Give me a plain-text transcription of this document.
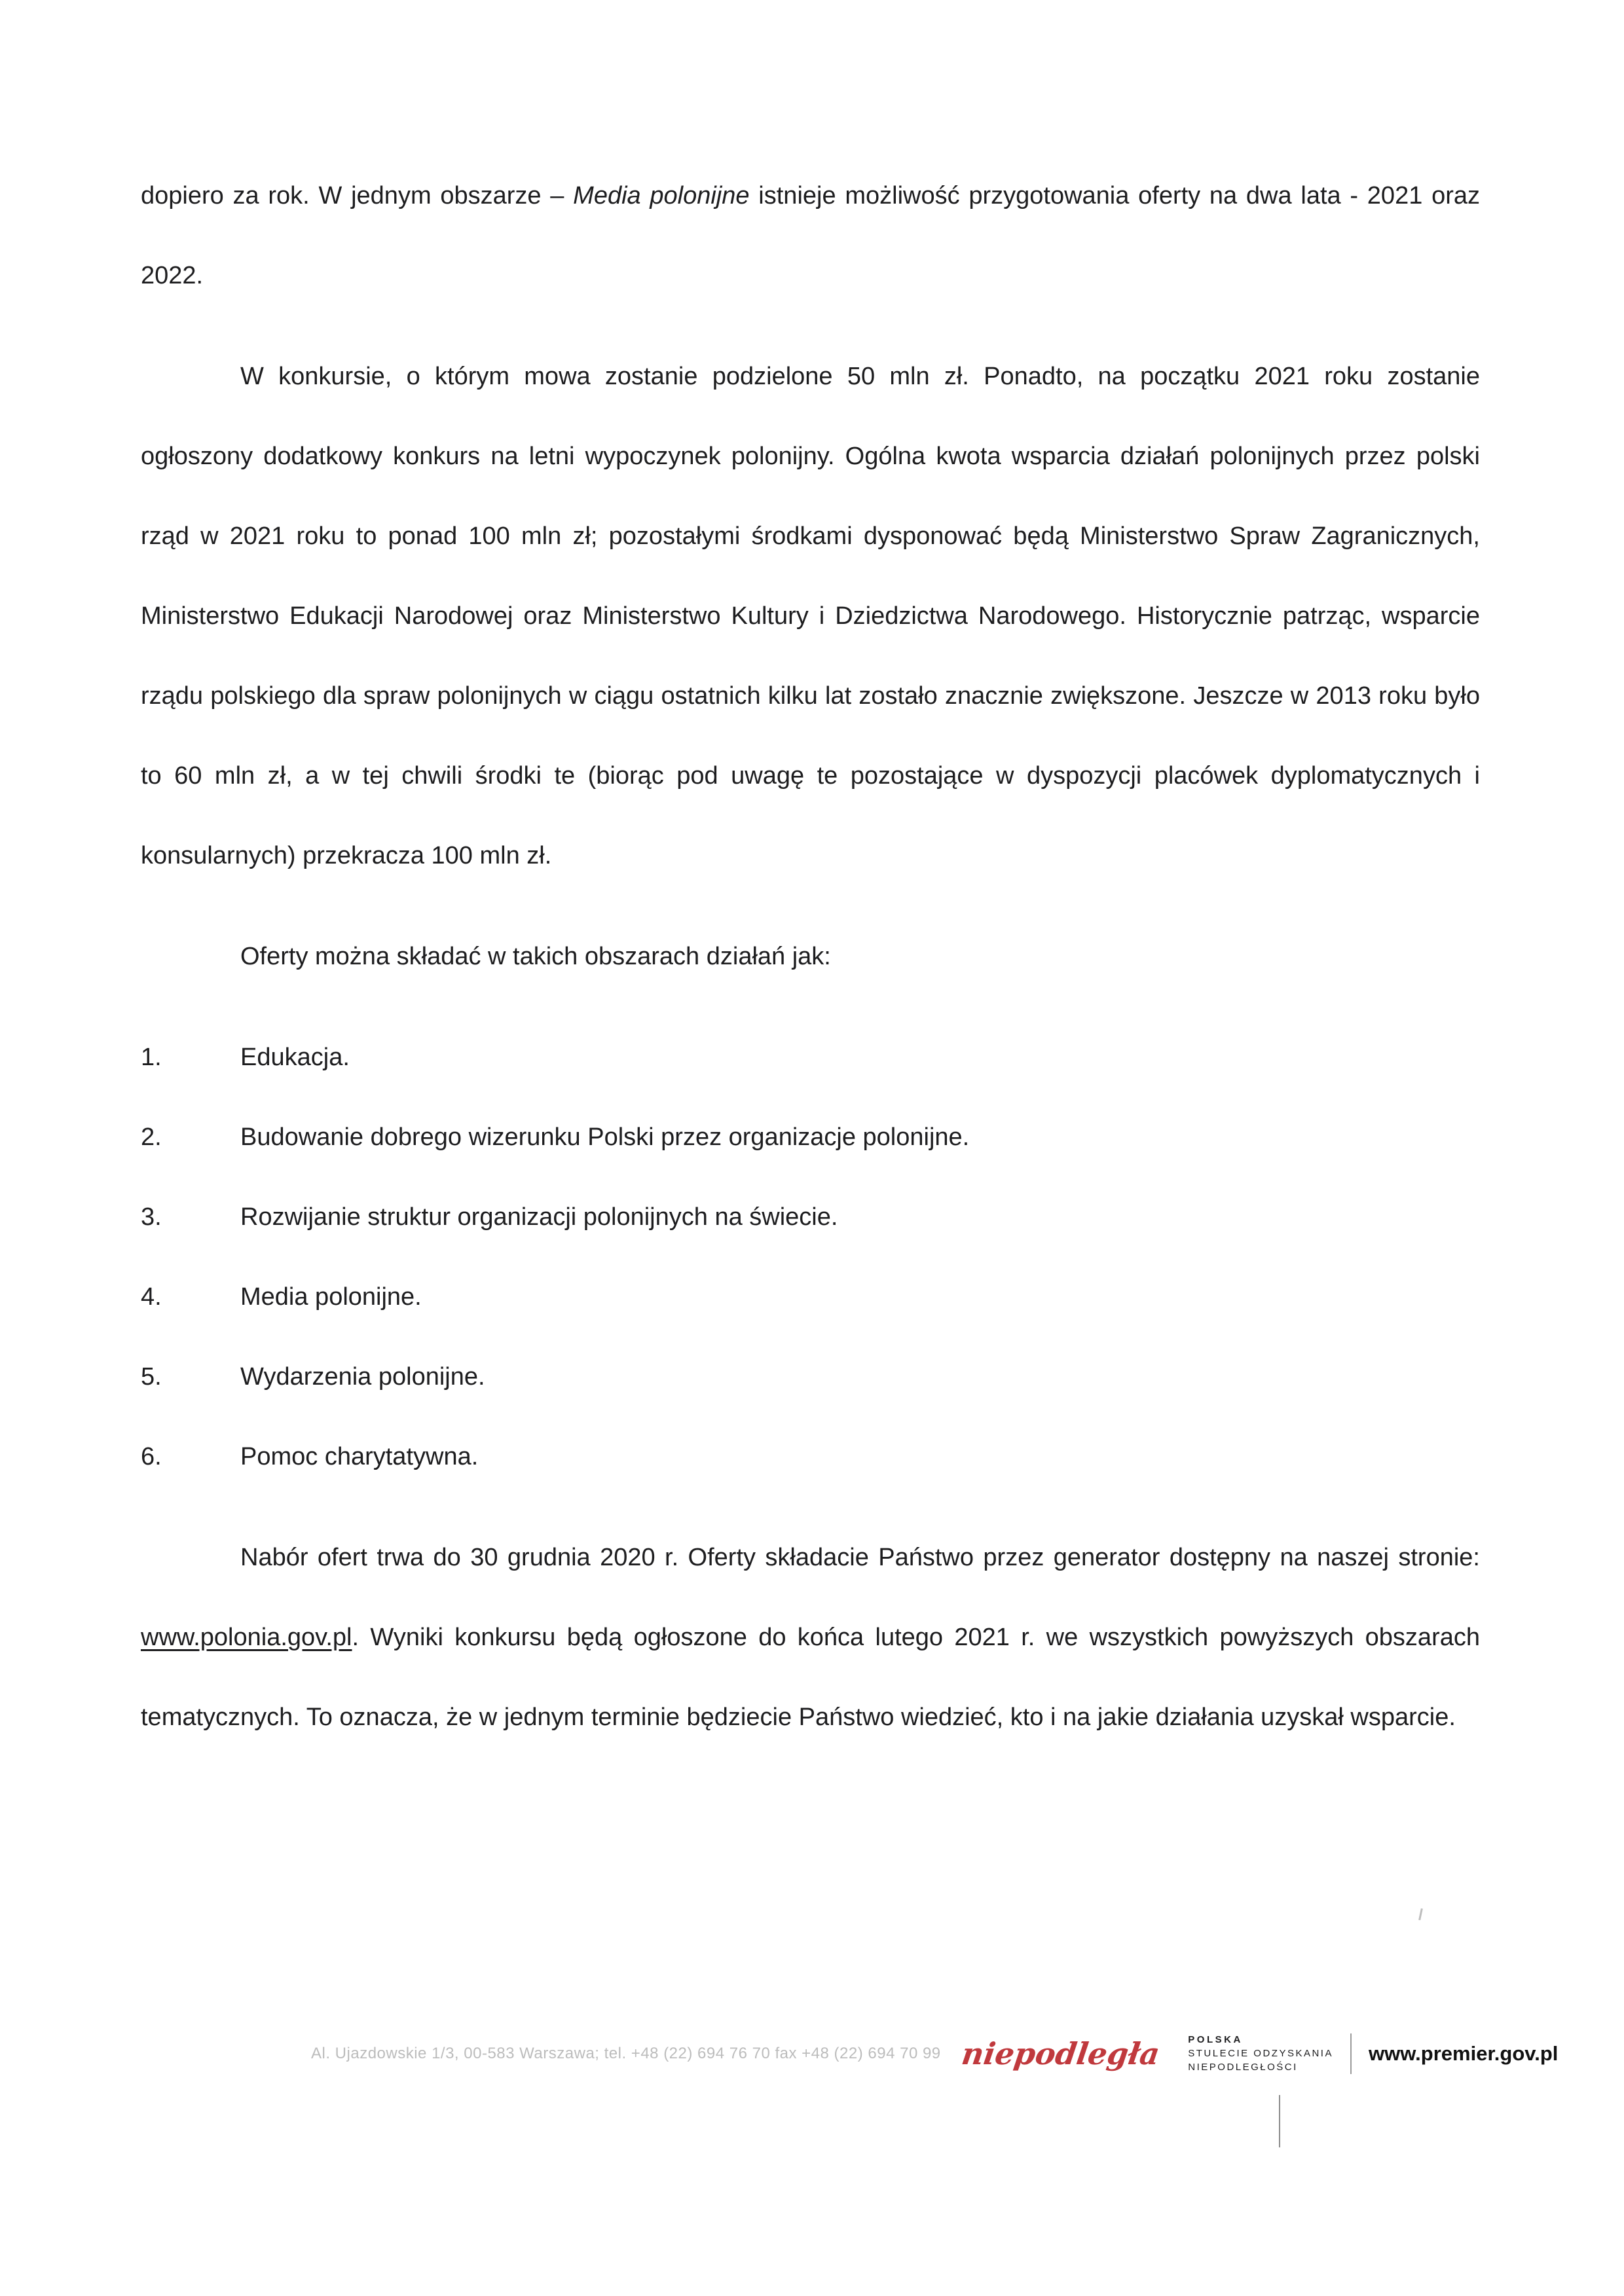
dopiero za rok. W jednym obszarze – Media polonijne istnieje możliwość przygotowania oferty na dwa lata - 2021 oraz 2022.

W konkursie, o którym mowa zostanie podzielone 50 mln zł. Ponadto, na początku 2021 roku zostanie ogłoszony dodatkowy konkurs na letni wypoczynek polonijny. Ogólna kwota wsparcia działań polonijnych przez polski rząd w 2021 roku to ponad 100 mln zł; pozostałymi środkami dysponować będą Ministerstwo Spraw Zagranicznych, Ministerstwo Edukacji Narodowej oraz Ministerstwo Kultury i Dziedzictwa Narodowego. Historycznie patrząc, wsparcie rządu polskiego dla spraw polonijnych w ciągu ostatnich kilku lat zostało znacznie zwiększone. Jeszcze w 2013 roku było to 60 mln zł, a w tej chwili środki te (biorąc pod uwagę te pozostające w dyspozycji placówek dyplomatycznych i konsularnych) przekracza 100 mln zł.

Oferty można składać w takich obszarach działań jak:

1.	Edukacja.
2.	Budowanie dobrego wizerunku Polski przez organizacje polonijne.
3.	Rozwijanie struktur organizacji polonijnych na świecie.
4.	Media polonijne.
5.	Wydarzenia polonijne.
6.	Pomoc charytatywna.

Nabór ofert trwa do 30 grudnia 2020 r. Oferty składacie Państwo przez generator dostępny na naszej stronie: www.polonia.gov.pl. Wyniki konkursu będą ogłoszone do końca lutego 2021 r. we wszystkich powyższych obszarach tematycznych. To oznacza, że w jednym terminie będziecie Państwo wiedzieć, kto i na jakie działania uzyskał wsparcie.

Al. Ujazdowskie 1/3, 00-583 Warszawa; tel. +48 (22) 694 76 70 fax +48 (22) 694 70 99 niepodległa	POLSKA
STULECIE ODZYSKANIA
NIEPODLEGŁOŚCI
www.premier.gov.pl
